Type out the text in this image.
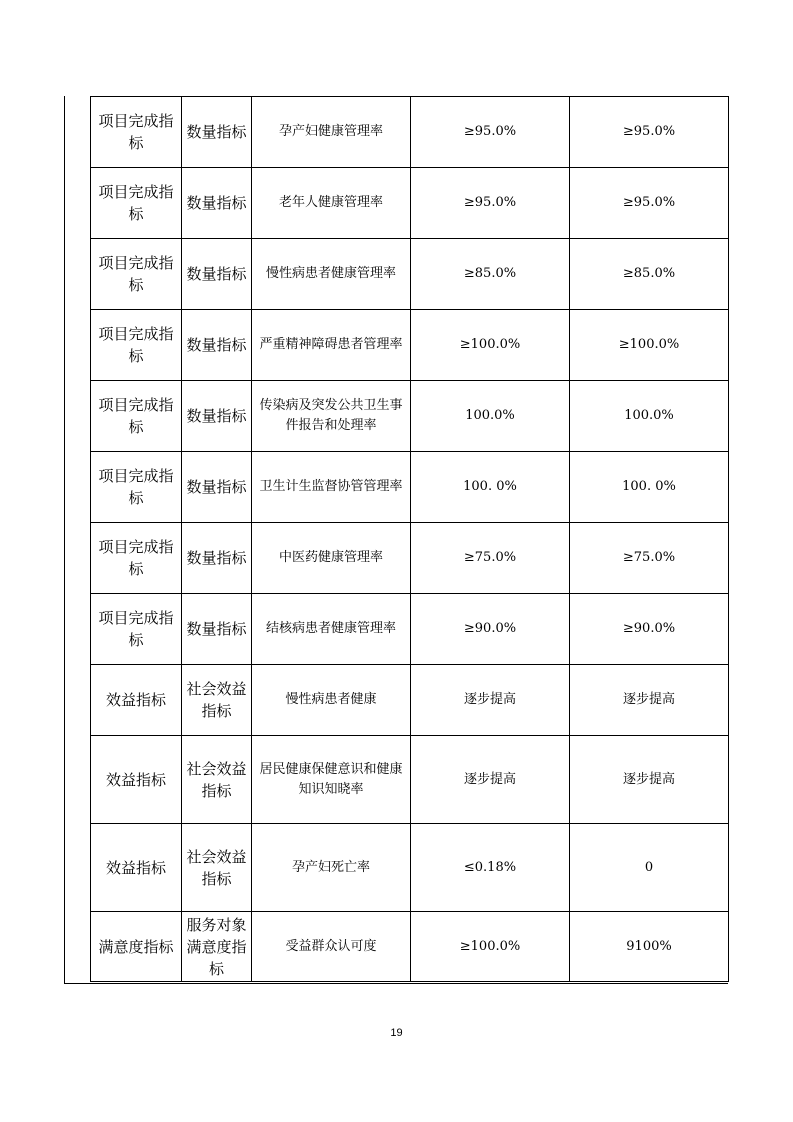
项目完成指标	数量指标	孕产妇健康管理率	≥95.0%	≥95.0%
项目完成指标	数量指标	老年人健康管理率	≥95.0%	≥95.0%
项目完成指标	数量指标	慢性病患者健康管理率	≥85.0%	≥85.0%
项目完成指标	数量指标	严重精神障碍患者管理率	≥100.0%	≥100.0%
项目完成指标	数量指标	传染病及突发公共卫生事件报告和处理率	100.0%	100.0%
项目完成指标	数量指标	卫生计生监督协管管理率	100. 0%	100. 0%
项目完成指标	数量指标	中医药健康管理率	≥75.0%	≥75.0%
项目完成指标	数量指标	结核病患者健康管理率	≥90.0%	≥90.0%
效益指标	社会效益指标	慢性病患者健康	逐步提高	逐步提高
效益指标	社会效益指标	居民健康保健意识和健康知识知晓率	逐步提高	逐步提高
效益指标	社会效益指标	孕产妇死亡率	≤0.18%	0
满意度指标	服务对象满意度指标	受益群众认可度	≥100.0%	9100%
19
